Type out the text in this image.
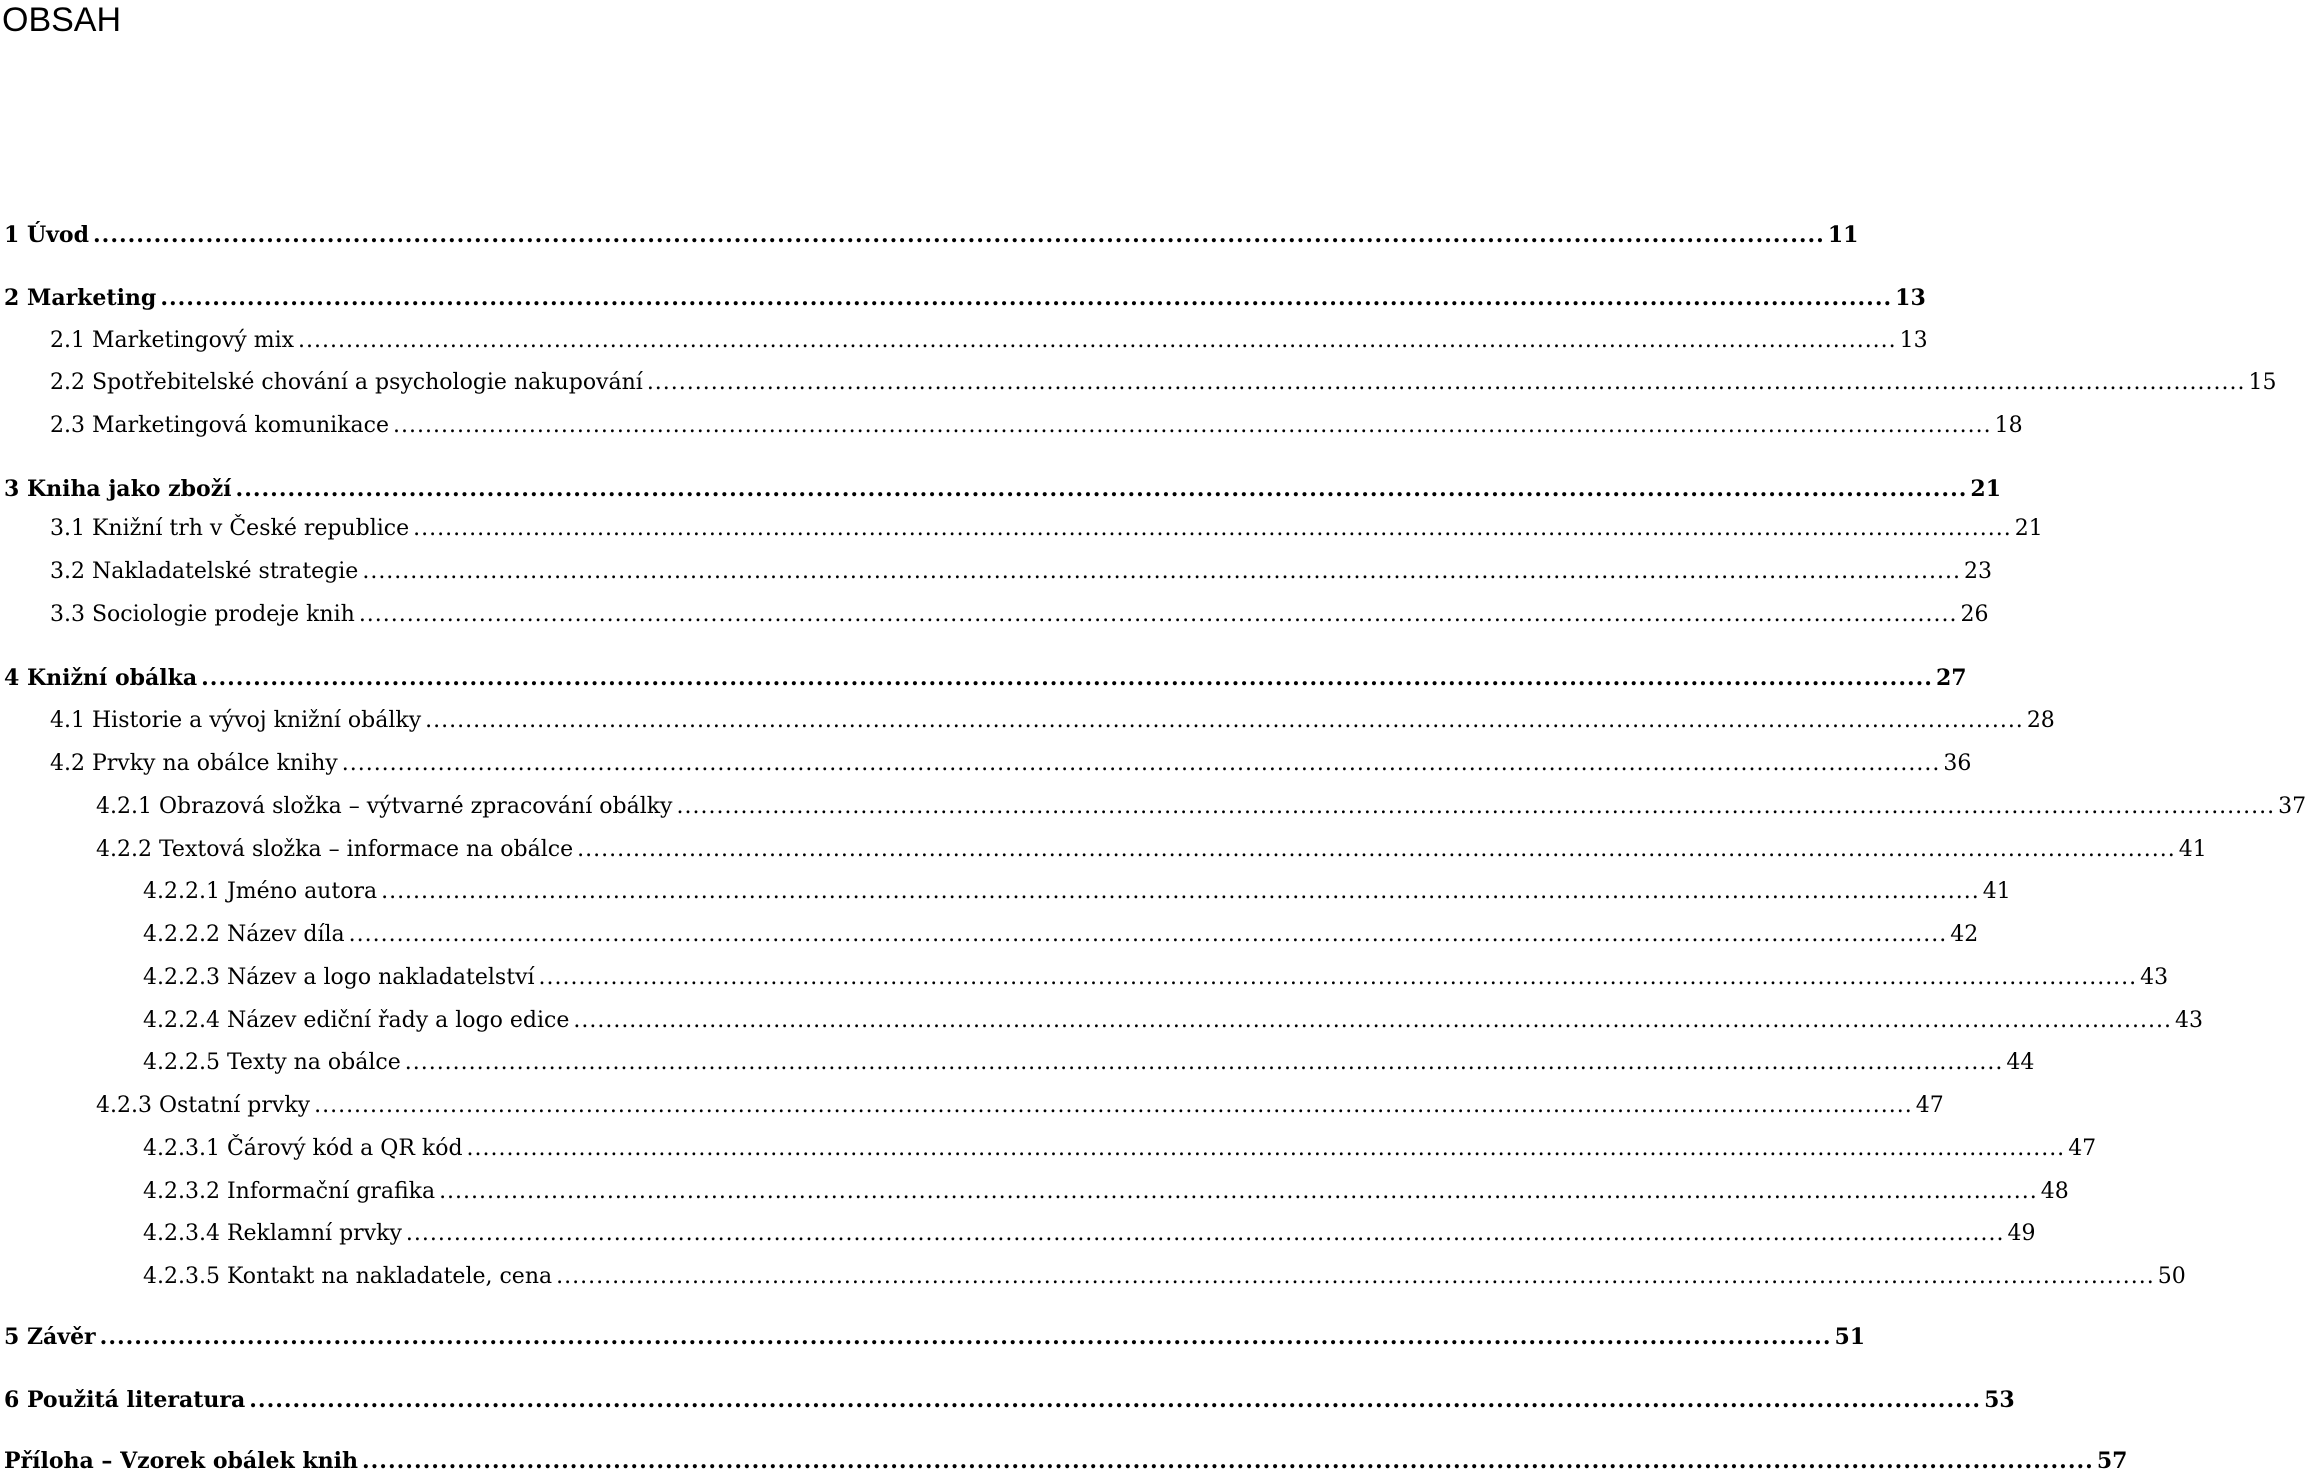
OBSAH
1 Úvod ........................................................................................................................................................................................................ 11
2 Marketing ........................................................................................................................................................................................................ 13
2.1 Marketingový mix ........................................................................................................................................................................................................ 13
2.2 Spotřebitelské chování a psychologie nakupování ........................................................................................................................................................................................................ 15
2.3 Marketingová komunikace ........................................................................................................................................................................................................ 18
3 Kniha jako zboží ........................................................................................................................................................................................................ 21
3.1 Knižní trh v České republice ........................................................................................................................................................................................................ 21
3.2 Nakladatelské strategie ........................................................................................................................................................................................................ 23
3.3 Sociologie prodeje knih ........................................................................................................................................................................................................ 26
4 Knižní obálka ........................................................................................................................................................................................................ 27
4.1 Historie a vývoj knižní obálky ........................................................................................................................................................................................................ 28
4.2 Prvky na obálce knihy ........................................................................................................................................................................................................ 36
4.2.1 Obrazová složka – výtvarné zpracování obálky ........................................................................................................................................................................................................ 37
4.2.2 Textová složka – informace na obálce ........................................................................................................................................................................................................ 41
4.2.2.1 Jméno autora ........................................................................................................................................................................................................ 41
4.2.2.2 Název díla ........................................................................................................................................................................................................ 42
4.2.2.3 Název a logo nakladatelství ........................................................................................................................................................................................................ 43
4.2.2.4 Název ediční řady a logo edice ........................................................................................................................................................................................................ 43
4.2.2.5 Texty na obálce ........................................................................................................................................................................................................ 44
4.2.3 Ostatní prvky ........................................................................................................................................................................................................ 47
4.2.3.1 Čárový kód a QR kód ........................................................................................................................................................................................................ 47
4.2.3.2 Informační grafika ........................................................................................................................................................................................................ 48
4.2.3.4 Reklamní prvky ........................................................................................................................................................................................................ 49
4.2.3.5 Kontakt na nakladatele, cena ........................................................................................................................................................................................................ 50
5 Závěr ........................................................................................................................................................................................................ 51
6 Použitá literatura ........................................................................................................................................................................................................ 53
Příloha – Vzorek obálek knih ........................................................................................................................................................................................................ 57
